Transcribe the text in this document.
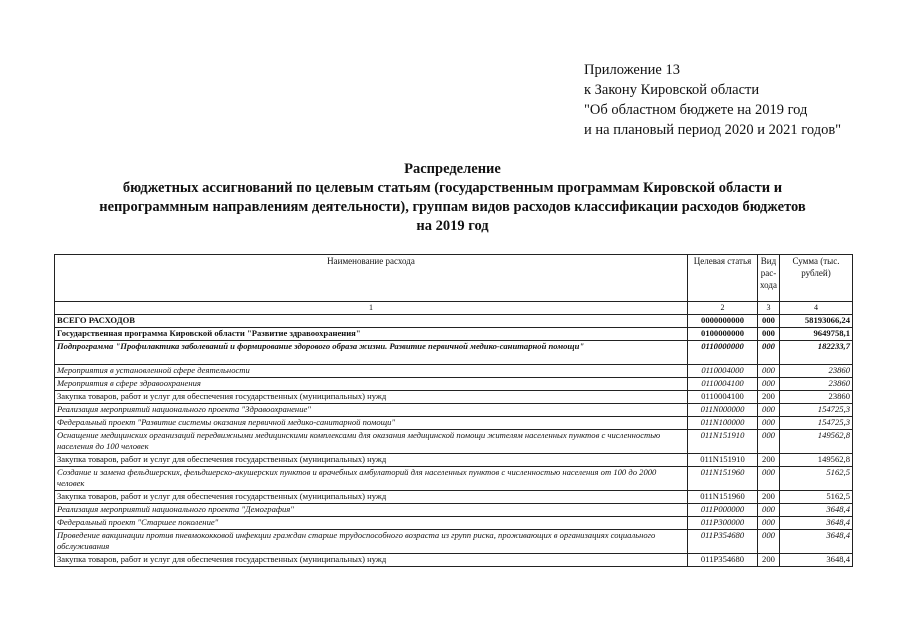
Приложение 13
к Закону Кировской области
"Об областном бюджете на 2019 год
и на плановый период 2020 и 2021 годов"
Распределение
бюджетных ассигнований по целевым статьям (государственным программам Кировской области и
непрограммным направлениям деятельности), группам видов расходов классификации расходов бюджетов
на 2019 год
Наименование расхода	Целевая статья	Вид рас-хода	Сумма (тыс. рублей)
1	2	3	4
ВСЕГО РАСХОДОВ	0000000000	000	58193066,24
Государственная программа Кировской области "Развитие здравоохранения"	0100000000	000	9649758,1
Подпрограмма "Профилактика заболеваний и формирование здорового образа жизни. Развитие первичной медико-санитарной помощи"	0110000000	000	182233,7
Мероприятия в установленной сфере деятельности	0110004000	000	23860
Мероприятия в сфере здравоохранения	0110004100	000	23860
Закупка товаров, работ и услуг для обеспечения государственных (муниципальных) нужд	0110004100	200	23860
Реализация мероприятий национального проекта "Здравоохранение"	011N000000	000	154725,3
Федеральный проект "Развитие системы оказания первичной медико-санитарной помощи"	011N100000	000	154725,3
Оснащение медицинских организаций передвижными медицинскими комплексами для оказания медицинской помощи жителям населенных пунктов с численностью населения до 100 человек	011N151910	000	149562,8
Закупка товаров, работ и услуг для обеспечения государственных (муниципальных) нужд	011N151910	200	149562,8
Создание и замена фельдшерских, фельдшерско-акушерских пунктов и врачебных амбулаторий для населенных пунктов с численностью населения от 100 до 2000 человек	011N151960	000	5162,5
Закупка товаров, работ и услуг для обеспечения государственных (муниципальных) нужд	011N151960	200	5162,5
Реализация мероприятий национального проекта "Демография"	011P000000	000	3648,4
Федеральный проект "Старшее поколение"	011P300000	000	3648,4
Проведение вакцинации против пневмококковой инфекции граждан старше трудоспособного возраста из групп риска, проживающих в организациях социального обслуживания	011P354680	000	3648,4
Закупка товаров, работ и услуг для обеспечения государственных (муниципальных) нужд	011P354680	200	3648,4
